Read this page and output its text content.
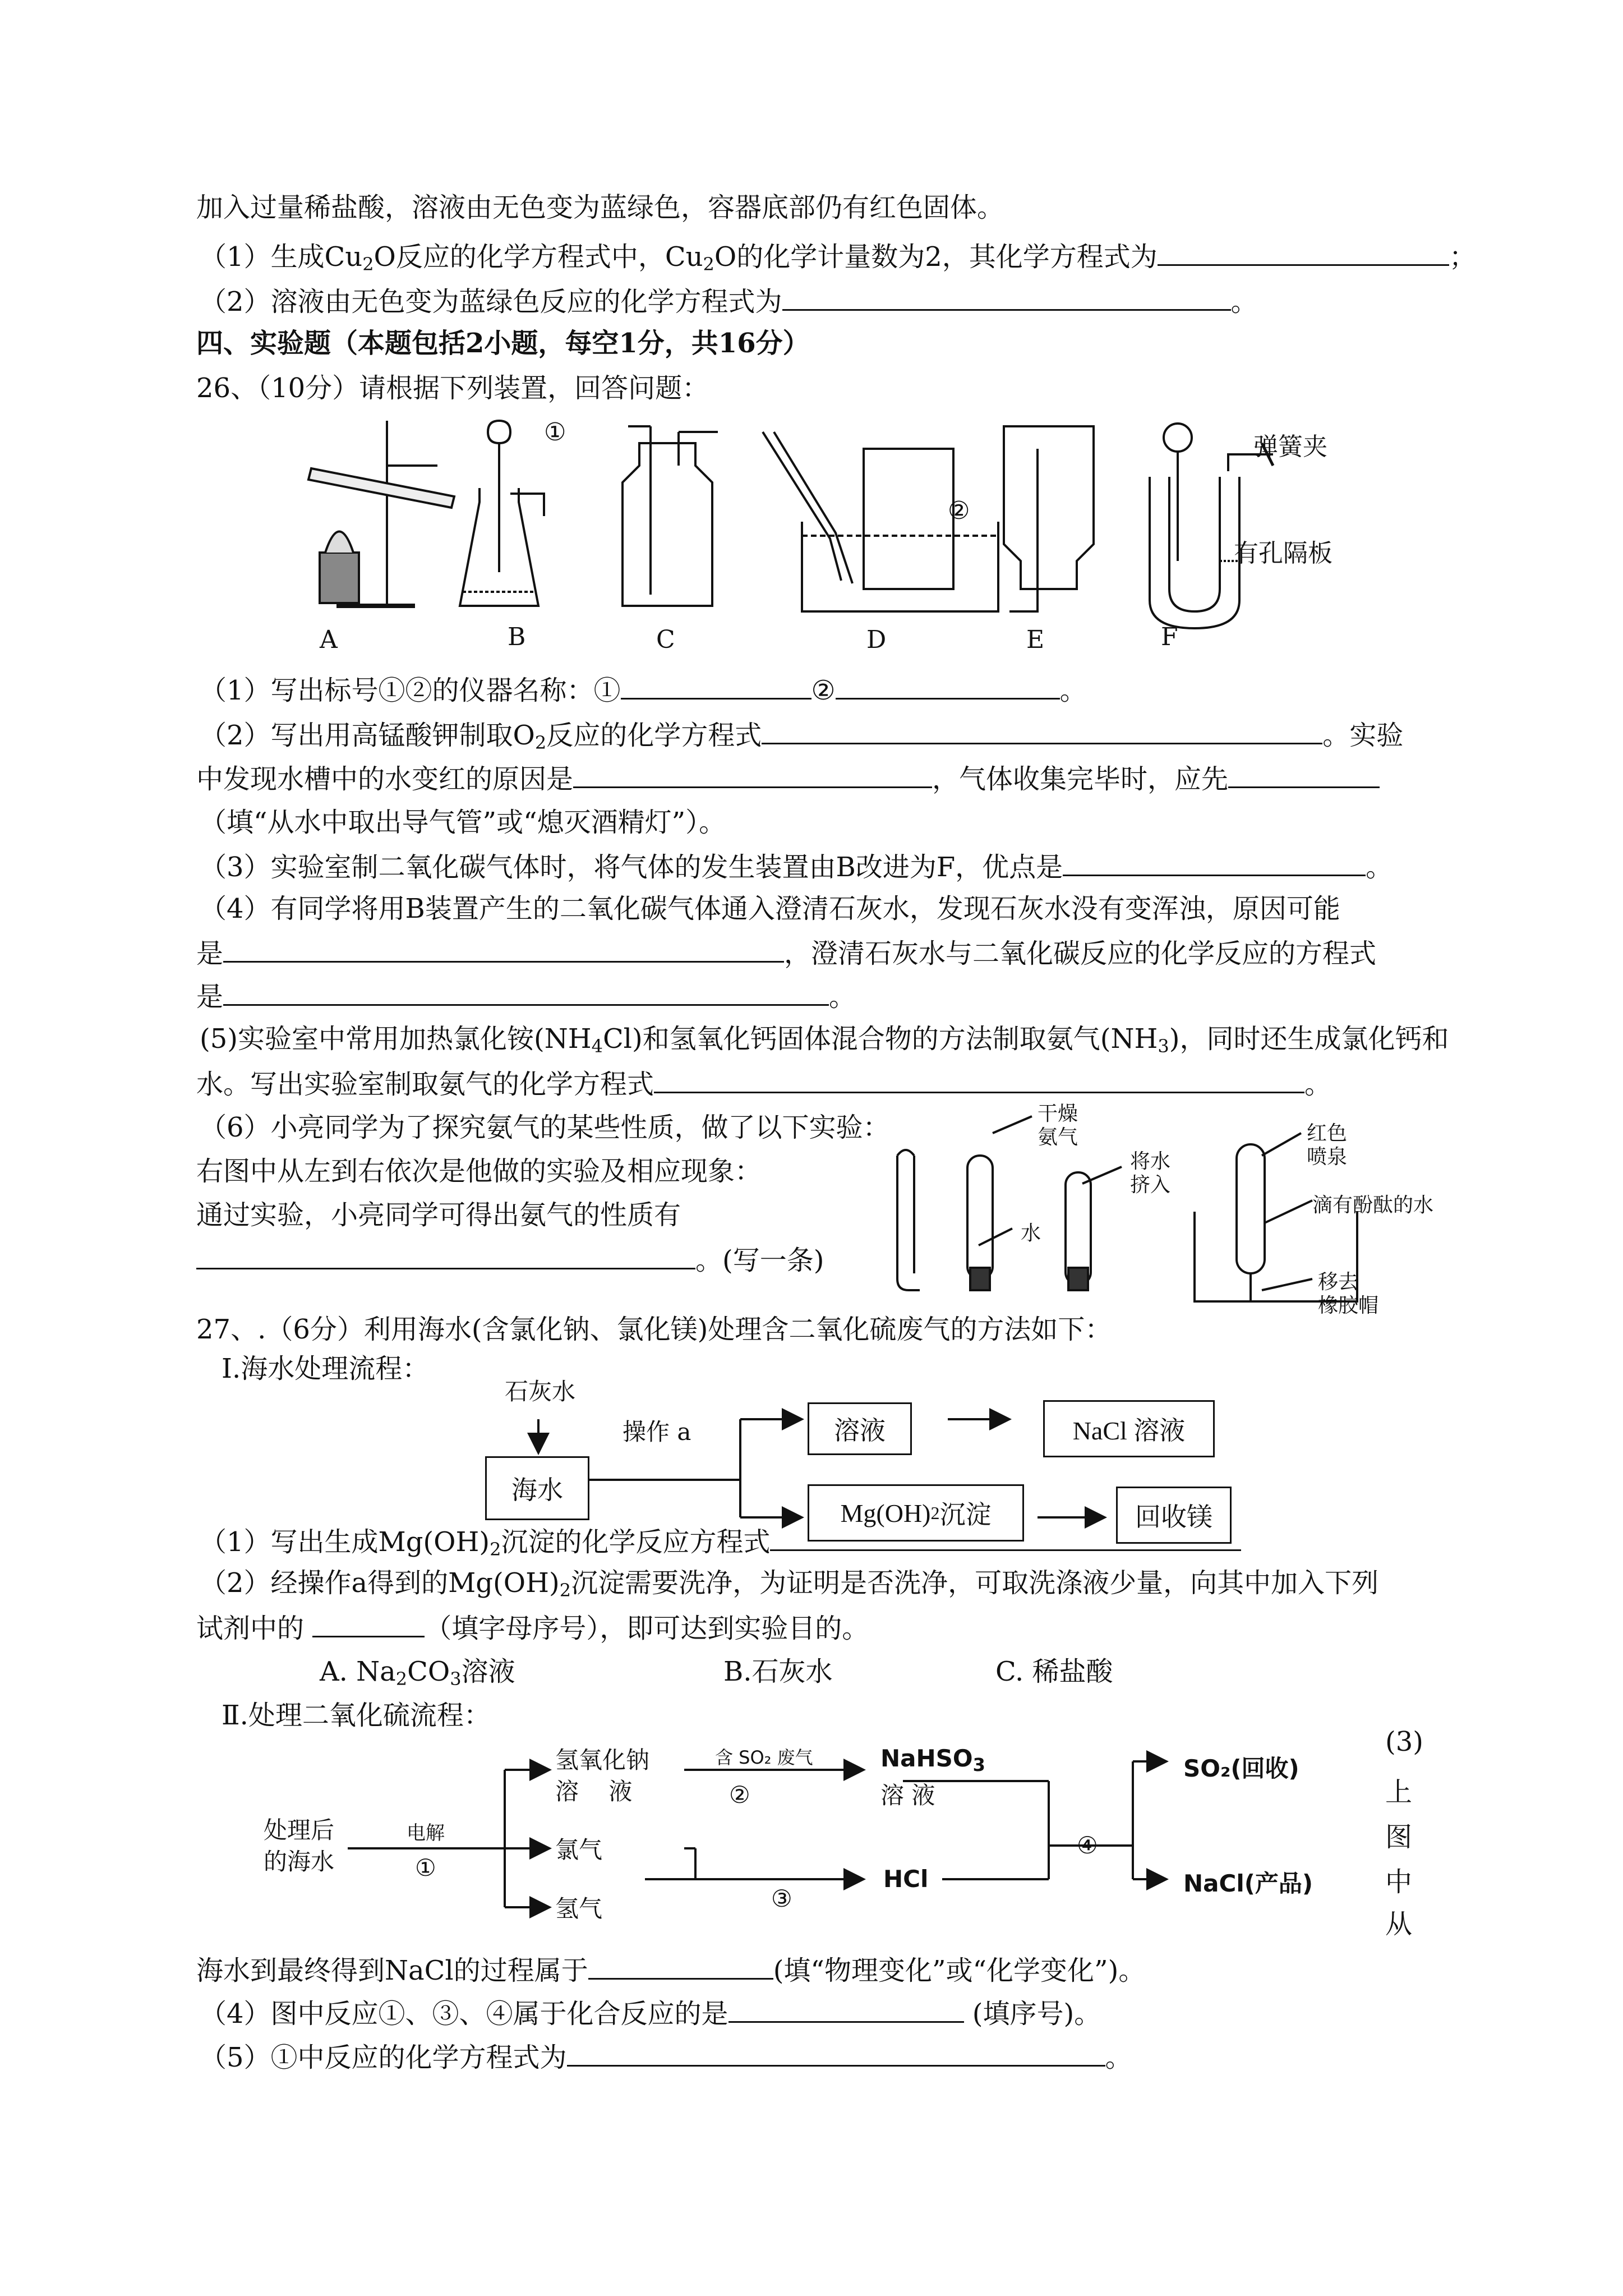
加入过量稀盐酸，溶液由无色变为蓝绿色，容器底部仍有红色固体。
（1）生成$Cu_2O$反应的化学方程式中，$Cu_2O$的化学计量数为2，其化学方程式为	；
（2）溶液由无色变为蓝绿色反应的化学方程式为	。
四、实验题（本题包括2小题，每空1分，共16分）
26、（10分）请根据下列装置，回答问题：
A	B	C	D	E	F
①
②
弹簧夹
有孔隔板
（1）写出标号①②的仪器名称：①	②	。
（2）写出用高锰酸钾制取$O_2$反应的化学方程式	。实验
中发现水槽中的水变红的原因是	，气体收集完毕时，应先
（填“从水中取出导气管”或“熄灭酒精灯”）。
（3）实验室制二氧化碳气体时，将气体的发生装置由B改进为F，优点是	。
（4）有同学将用B装置产生的二氧化碳气体通入澄清石灰水，发现石灰水没有变浑浊，原因可能
是	，澄清石灰水与二氧化碳反应的化学反应的方程式
是	。
(5)实验室中常用加热氯化铵$(NH_4Cl)$和氢氧化钙固体混合物的方法制取氨气$(NH_3)$，同时还生成氯化钙和
水。写出实验室制取氨气的化学方程式	。
（6）小亮同学为了探究氨气的某些性质，做了以下实验：
右图中从左到右依次是他做的实验及相应现象：
通过实验，小亮同学可得出氨气的性质有
。(写一条)
干燥
氨气
水
将水
挤入
红色
喷泉
滴有酚酞的水
移去
橡胶帽
27、.（6分）利用海水(含氯化钠、氯化镁)处理含二氧化硫废气的方法如下：
Ⅰ.海水处理流程：
石灰水
操作 a
海水
溶液	NaCl 溶液
Mg(OH) 2 沉淀	回收镁
（1）写出生成$Mg(OH)_2$沉淀的化学反应方程式
（2）经操作a得到的$Mg(OH)_2$沉淀需要洗净，为证明是否洗净，可取洗涤液少量，向其中加入下列
试剂中的	（填字母序号），即可达到实验目的。
A. $Na_2CO_3$溶液	B.石灰水	C. 稀盐酸
Ⅱ.处理二氧化硫流程：
处理后
的海水
电解
①
氢氧化钠
溶    液
含 SO₂ 废气
②
NaHSO$_3$
溶 液
氯气
氢气	③
HCl
④
SO₂(回收)
NaCl(产品)
(3)
上
图
中
从
海水到最终得到NaCl的过程属于	(填“物理变化”或“化学变化”)。
（4）图中反应①、③、④属于化合反应的是	(填序号)。
（5）①中反应的化学方程式为	。
